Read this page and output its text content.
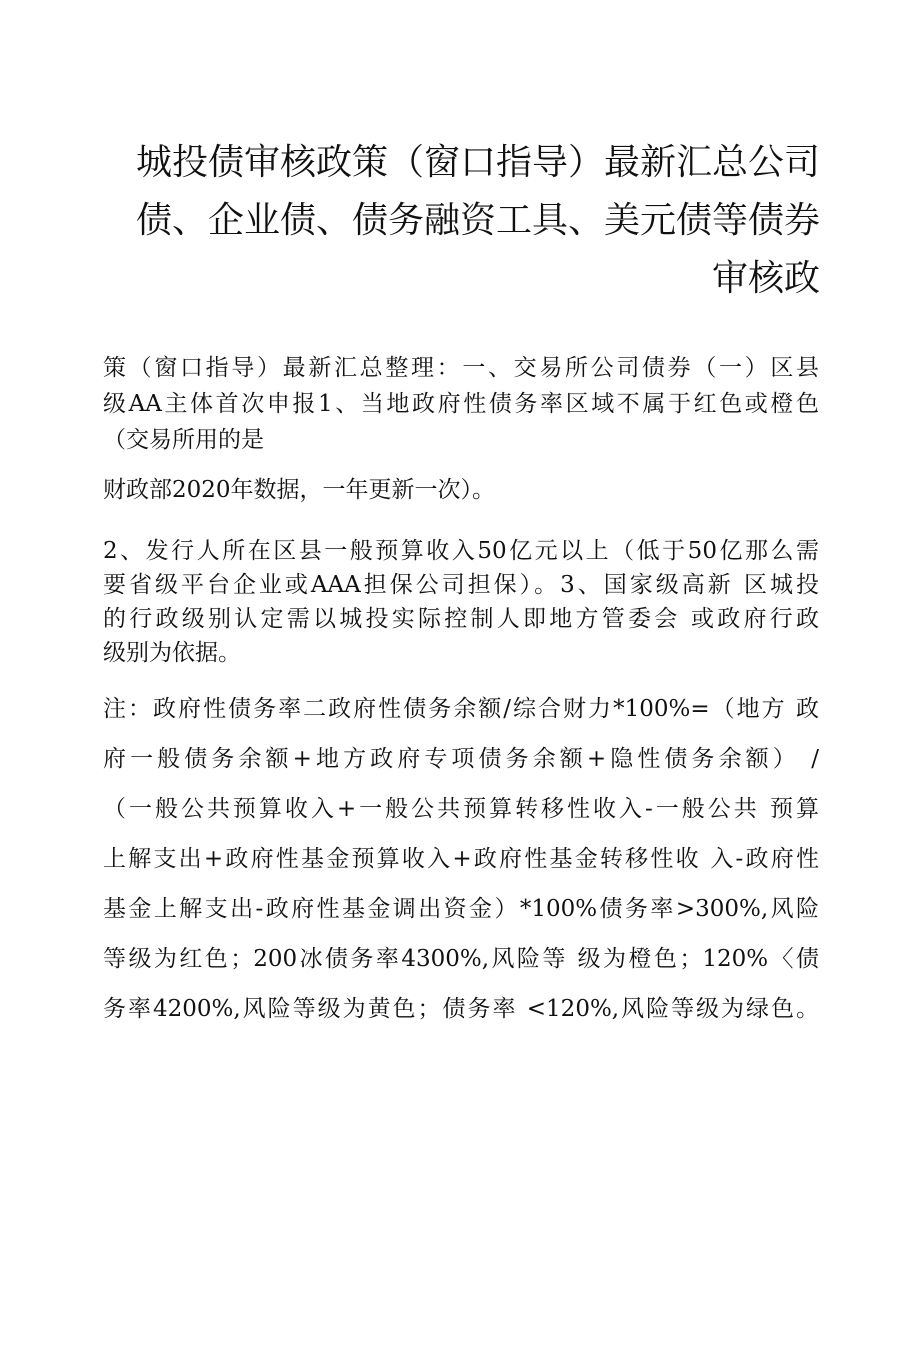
城投债审核政策（窗口指导）最新汇总公司
债、企业债、债务融资工具、美元债等债券
审核政

策（窗口指导）最新汇总整理：一、交易所公司债券（一）区县
级AA主体首次申报1、当地政府性债务率区域不属于红色或橙色
（交易所用的是

财政部2020年数据，一年更新一次）。

2、发行人所在区县一般预算收入50亿元以上（低于50亿那么需
要省级平台企业或AAA担保公司担保）。3、国家级高新 区城投
的行政级别认定需以城投实际控制人即地方管委会 或政府行政
级别为依据。

注：政府性债务率二政府性债务余额/综合财力*100%=（地方 政
府一般债务余额+地方政府专项债务余额+隐性债务余额） /
（一般公共预算收入+一般公共预算转移性收入-一般公共 预算
上解支出+政府性基金预算收入+政府性基金转移性收 入-政府性
基金上解支出-政府性基金调出资金）*100%债务率>300%,风险
等级为红色；200冰债务率4300%,风险等 级为橙色；120%〈债
务率4200%,风险等级为黄色；债务率 <120%,风险等级为绿色。
